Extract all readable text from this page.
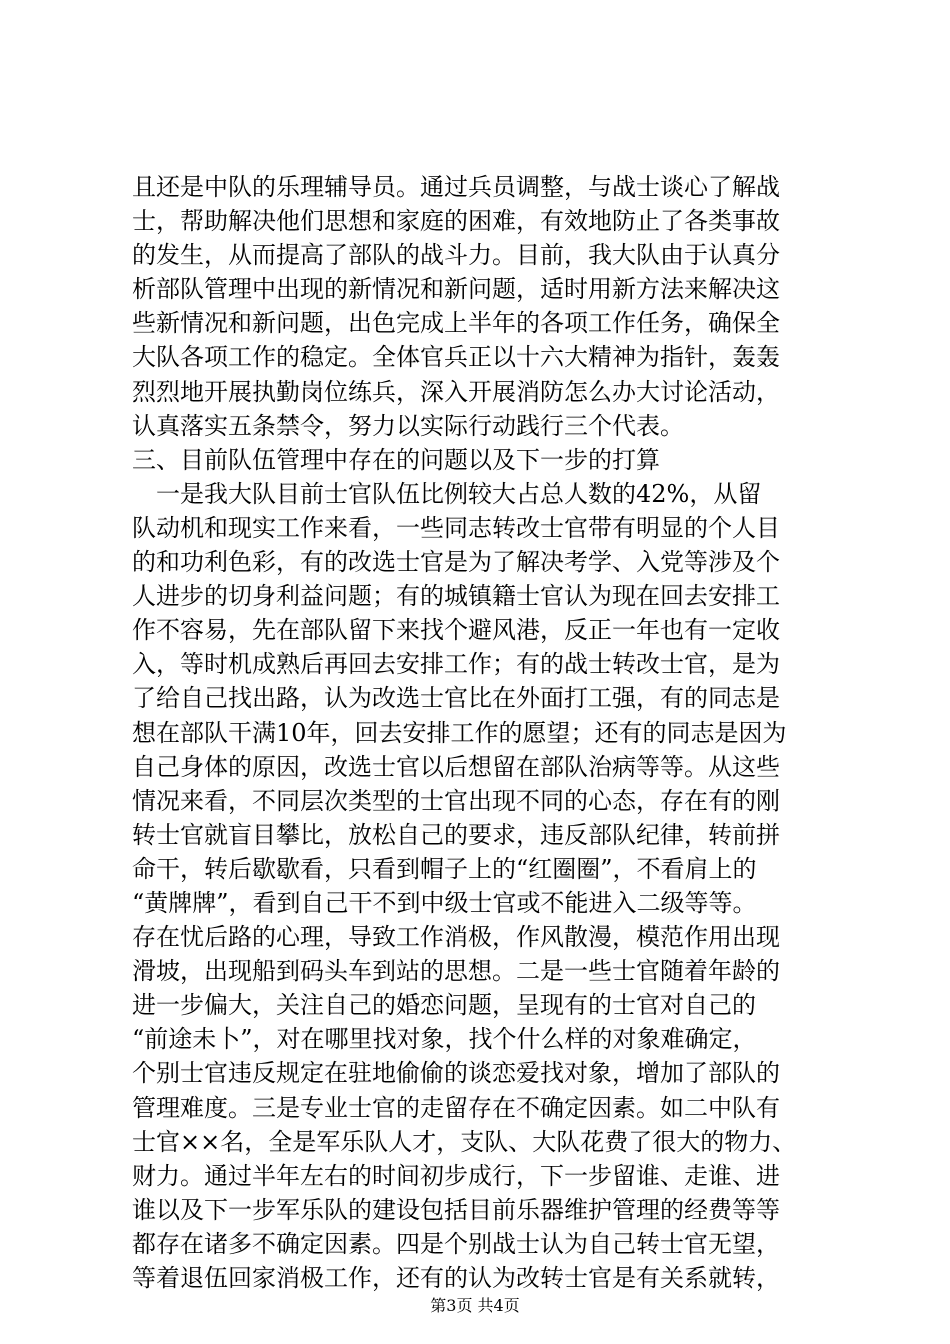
且还是中队的乐理辅导员。通过兵员调整，与战士谈心了解战
士，帮助解决他们思想和家庭的困难，有效地防止了各类事故
的发生，从而提高了部队的战斗力。目前，我大队由于认真分
析部队管理中出现的新情况和新问题，适时用新方法来解决这
些新情况和新问题，出色完成上半年的各项工作任务，确保全
大队各项工作的稳定。全体官兵正以十六大精神为指针，轰轰
烈烈地开展执勤岗位练兵，深入开展消防怎么办大讨论活动，
认真落实五条禁令，努力以实际行动践行三个代表。

三、目前队伍管理中存在的问题以及下一步的打算

　一是我大队目前士官队伍比例较大占总人数的42%，从留
队动机和现实工作来看，一些同志转改士官带有明显的个人目
的和功利色彩，有的改选士官是为了解决考学、入党等涉及个
人进步的切身利益问题；有的城镇籍士官认为现在回去安排工
作不容易，先在部队留下来找个避风港，反正一年也有一定收
入，等时机成熟后再回去安排工作；有的战士转改士官，是为
了给自己找出路，认为改选士官比在外面打工强，有的同志是
想在部队干满10年，回去安排工作的愿望；还有的同志是因为
自己身体的原因，改选士官以后想留在部队治病等等。从这些
情况来看，不同层次类型的士官出现不同的心态，存在有的刚
转士官就盲目攀比，放松自己的要求，违反部队纪律，转前拼
命干，转后歇歇看，只看到帽子上的“红圈圈”，不看肩上的
“黄牌牌”，看到自己干不到中级士官或不能进入二级等等。
存在忧后路的心理，导致工作消极，作风散漫，模范作用出现
滑坡，出现船到码头车到站的思想。二是一些士官随着年龄的
进一步偏大，关注自己的婚恋问题，呈现有的士官对自己的
“前途未卜”，对在哪里找对象，找个什么样的对象难确定，
个别士官违反规定在驻地偷偷的谈恋爱找对象，增加了部队的
管理难度。三是专业士官的走留存在不确定因素。如二中队有
士官××名，全是军乐队人才，支队、大队花费了很大的物力、
财力。通过半年左右的时间初步成行，下一步留谁、走谁、进
谁以及下一步军乐队的建设包括目前乐器维护管理的经费等等
都存在诸多不确定因素。四是个别战士认为自己转士官无望，
等着退伍回家消极工作，还有的认为改转士官是有关系就转，

第3页 共4页
